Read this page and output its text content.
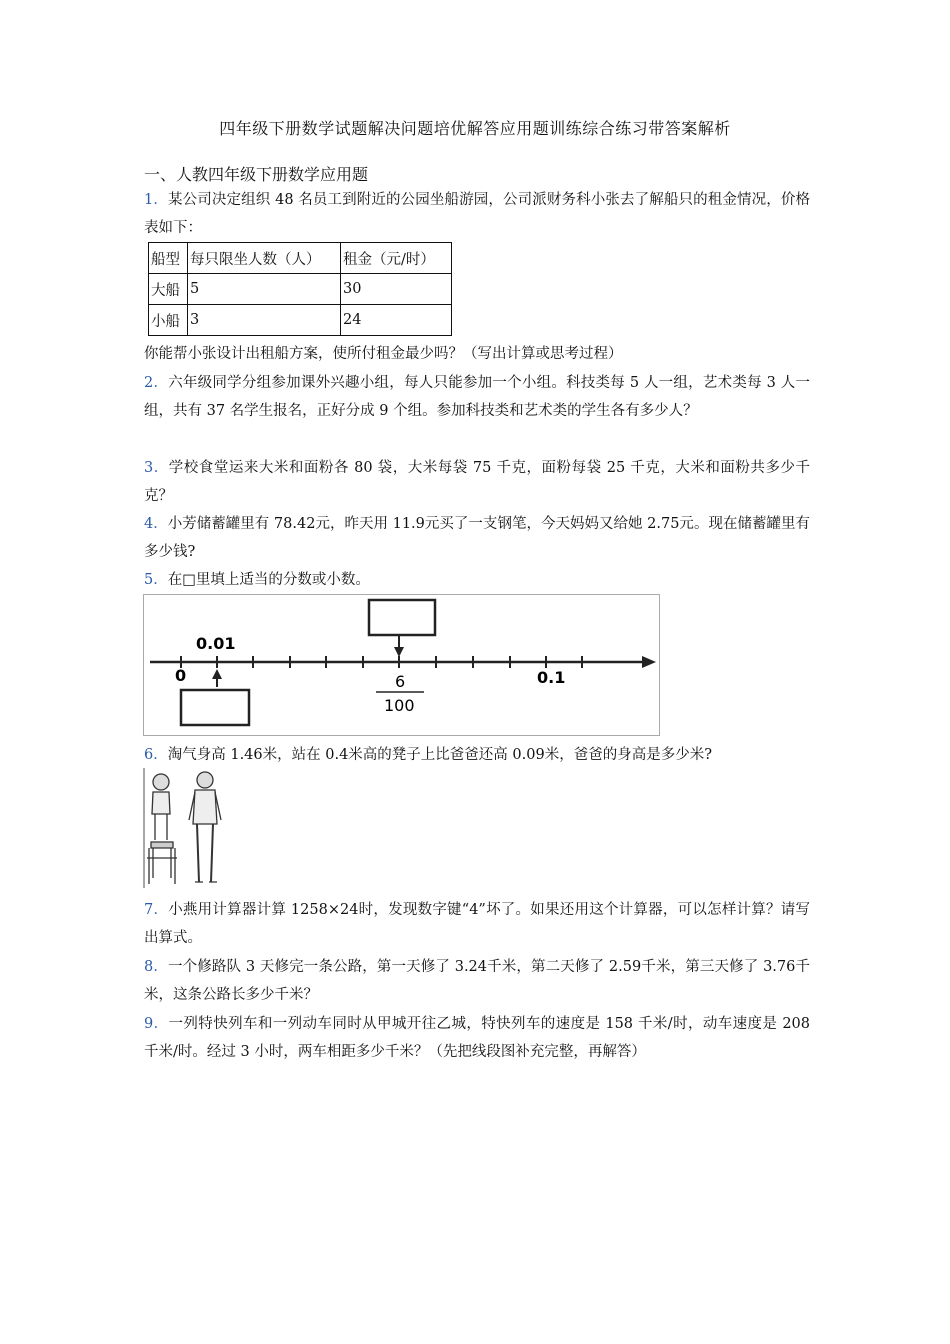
四年级下册数学试题解决问题培优解答应用题训练综合练习带答案解析
一、人教四年级下册数学应用题
1．某公司决定组织 48 名员工到附近的公园坐船游园，公司派财务科小张去了解船只的租金情况，价格表如下：
船型	每只限坐人数（人）	租金（元/时）
大船	5	30
小船	3	24
你能帮小张设计出租船方案，使所付租金最少吗？（写出计算或思考过程）
2．六年级同学分组参加课外兴趣小组，每人只能参加一个小组。科技类每 5 人一组，艺术类每 3 人一组，共有 37 名学生报名，正好分成 9 个组。参加科技类和艺术类的学生各有多少人？
3．学校食堂运来大米和面粉各 80 袋，大米每袋 75 千克，面粉每袋 25 千克，大米和面粉共多少千克？
4．小芳储蓄罐里有 78.42元，昨天用 11.9元买了一支钢笔，今天妈妈又给她 2.75元。现在储蓄罐里有多少钱?
5．在□里填上适当的分数或小数。
0.01
0	0.1
6
100
6．淘气身高 1.46米，站在 0.4米高的凳子上比爸爸还高 0.09米，爸爸的身高是多少米?
7．小燕用计算器计算 1258×24时，发现数字键“4”坏了。如果还用这个计算器，可以怎样计算？请写出算式。
8．一个修路队 3 天修完一条公路，第一天修了 3.24千米，第二天修了 2.59千米，第三天修了 3.76千米，这条公路长多少千米？
9．一列特快列车和一列动车同时从甲城开往乙城，特快列车的速度是 158 千米/时，动车速度是 208 千米/时。经过 3 小时，两车相距多少千米？（先把线段图补充完整，再解答）
